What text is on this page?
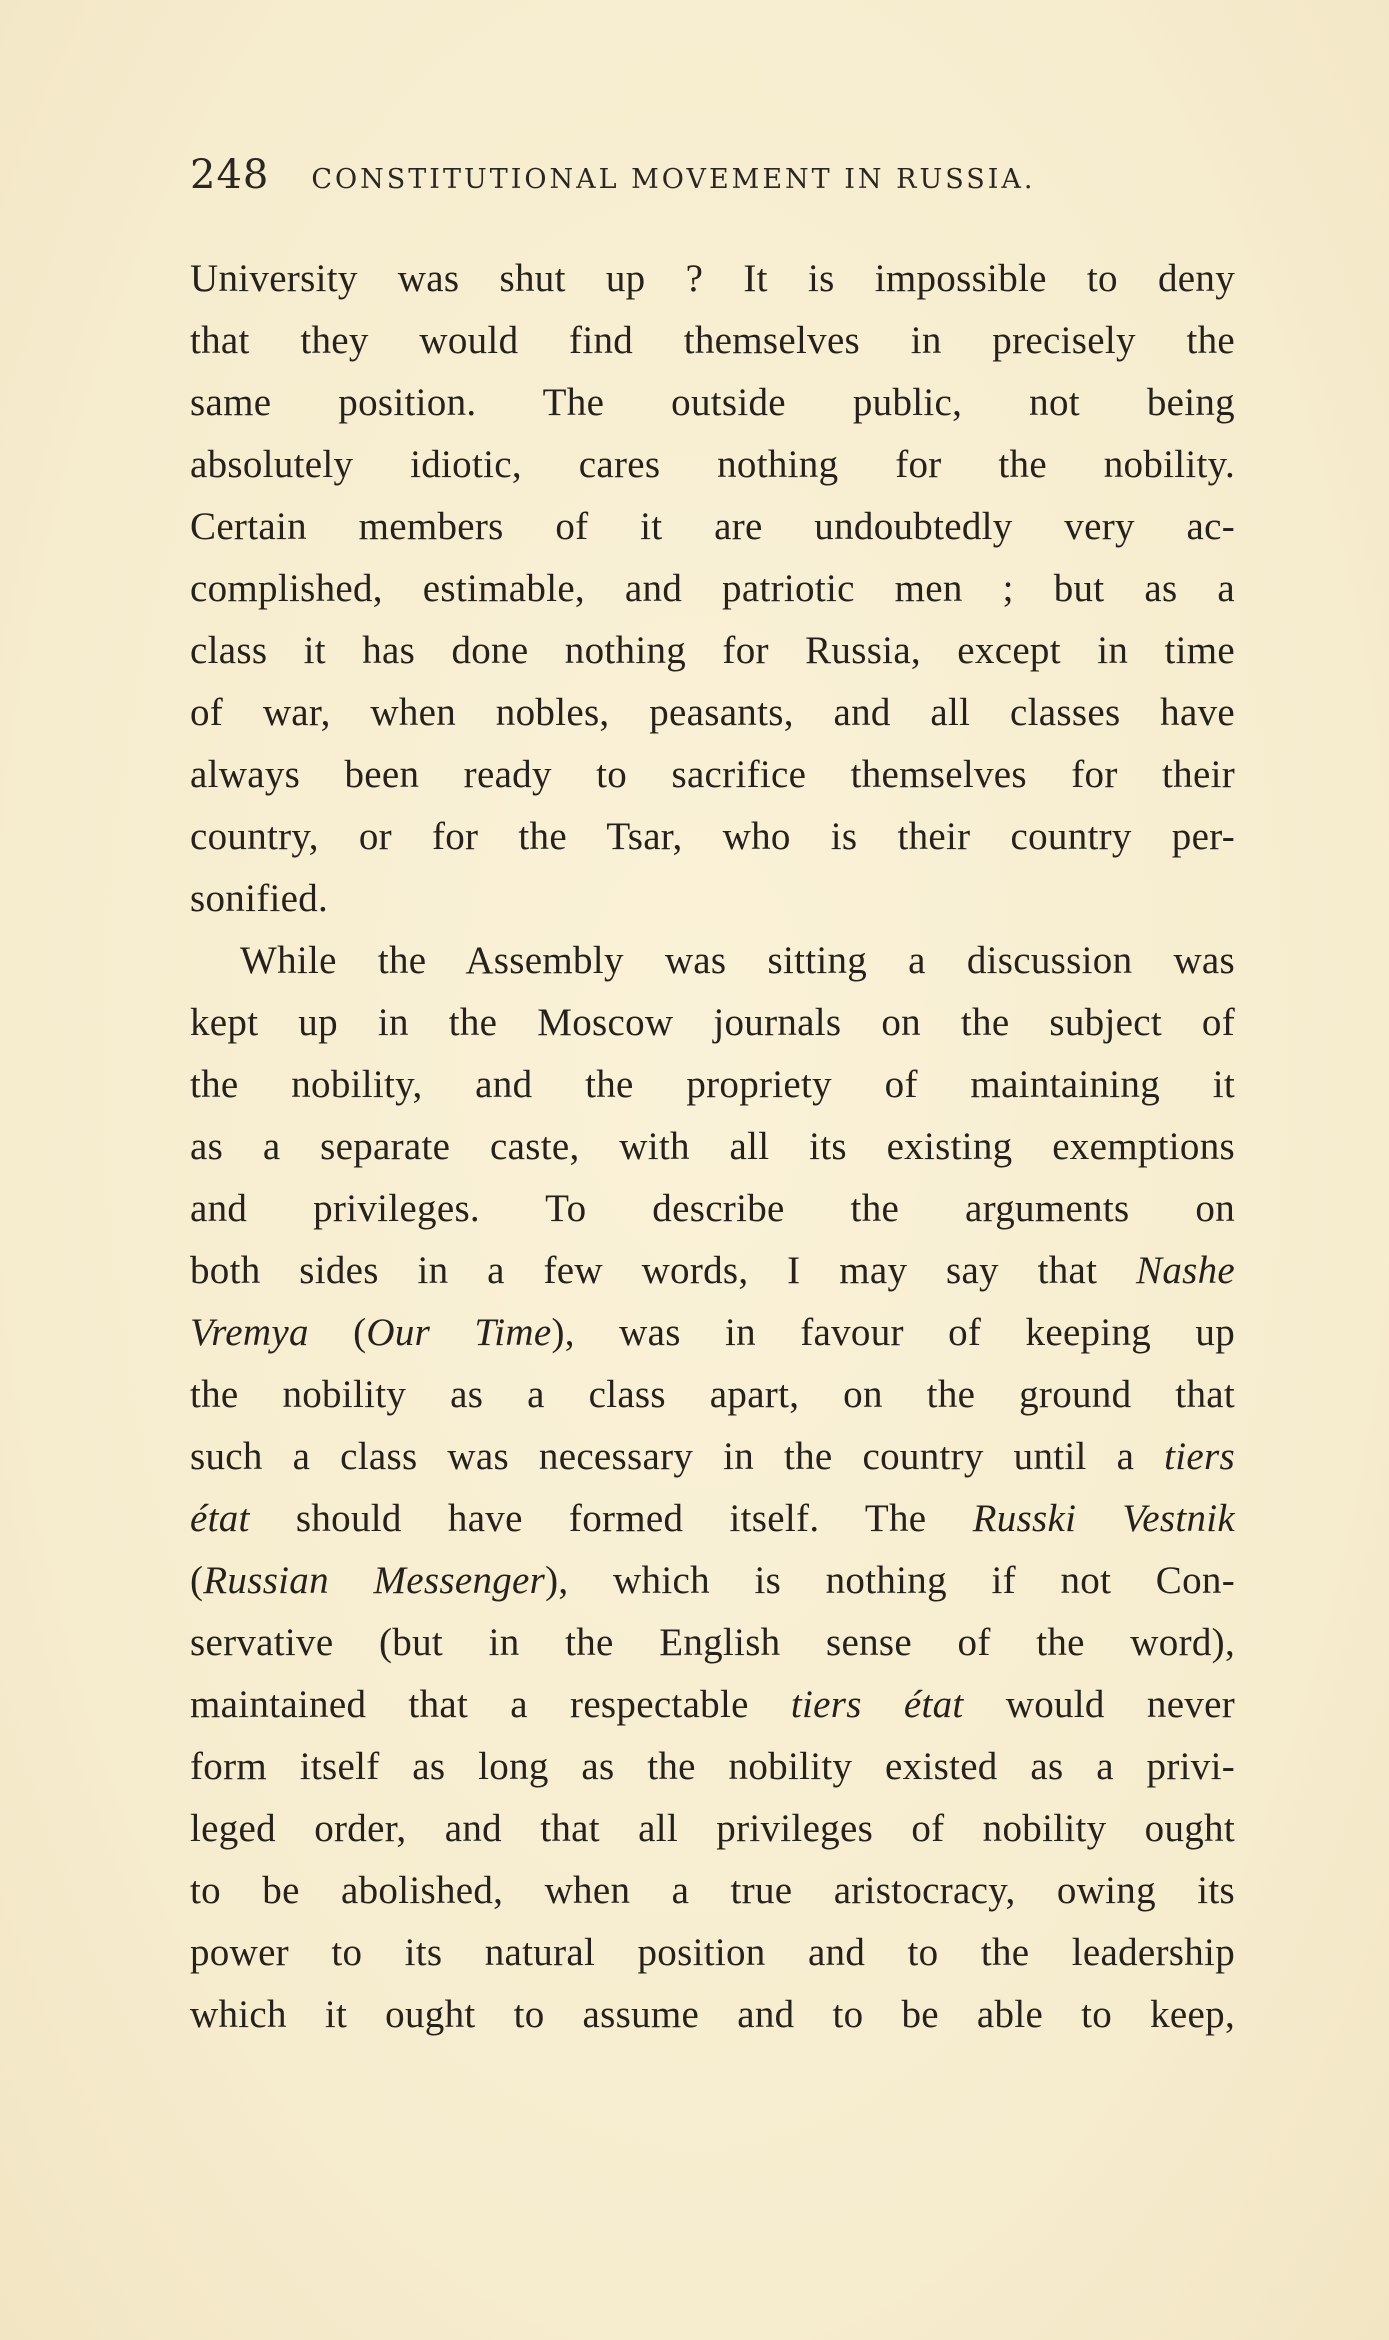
248 CONSTITUTIONAL MOVEMENT IN RUSSIA.
University was shut up ? It is impossible to deny
that they would find themselves in precisely the
same position. The outside public, not being
absolutely idiotic, cares nothing for the nobility.
Certain members of it are undoubtedly very ac-
complished, estimable, and patriotic men ; but as a
class it has done nothing for Russia, except in time
of war, when nobles, peasants, and all classes have
always been ready to sacrifice themselves for their
country, or for the Tsar, who is their country per-
sonified.
While the Assembly was sitting a discussion was
kept up in the Moscow journals on the subject of
the nobility, and the propriety of maintaining it
as a separate caste, with all its existing exemptions
and privileges. To describe the arguments on
both sides in a few words, I may say that Nashe
Vremya (Our Time), was in favour of keeping up
the nobility as a class apart, on the ground that
such a class was necessary in the country until a tiers
état should have formed itself. The Russki Vestnik
(Russian Messenger), which is nothing if not Con-
servative (but in the English sense of the word),
maintained that a respectable tiers état would never
form itself as long as the nobility existed as a privi-
leged order, and that all privileges of nobility ought
to be abolished, when a true aristocracy, owing its
power to its natural position and to the leadership
which it ought to assume and to be able to keep,
